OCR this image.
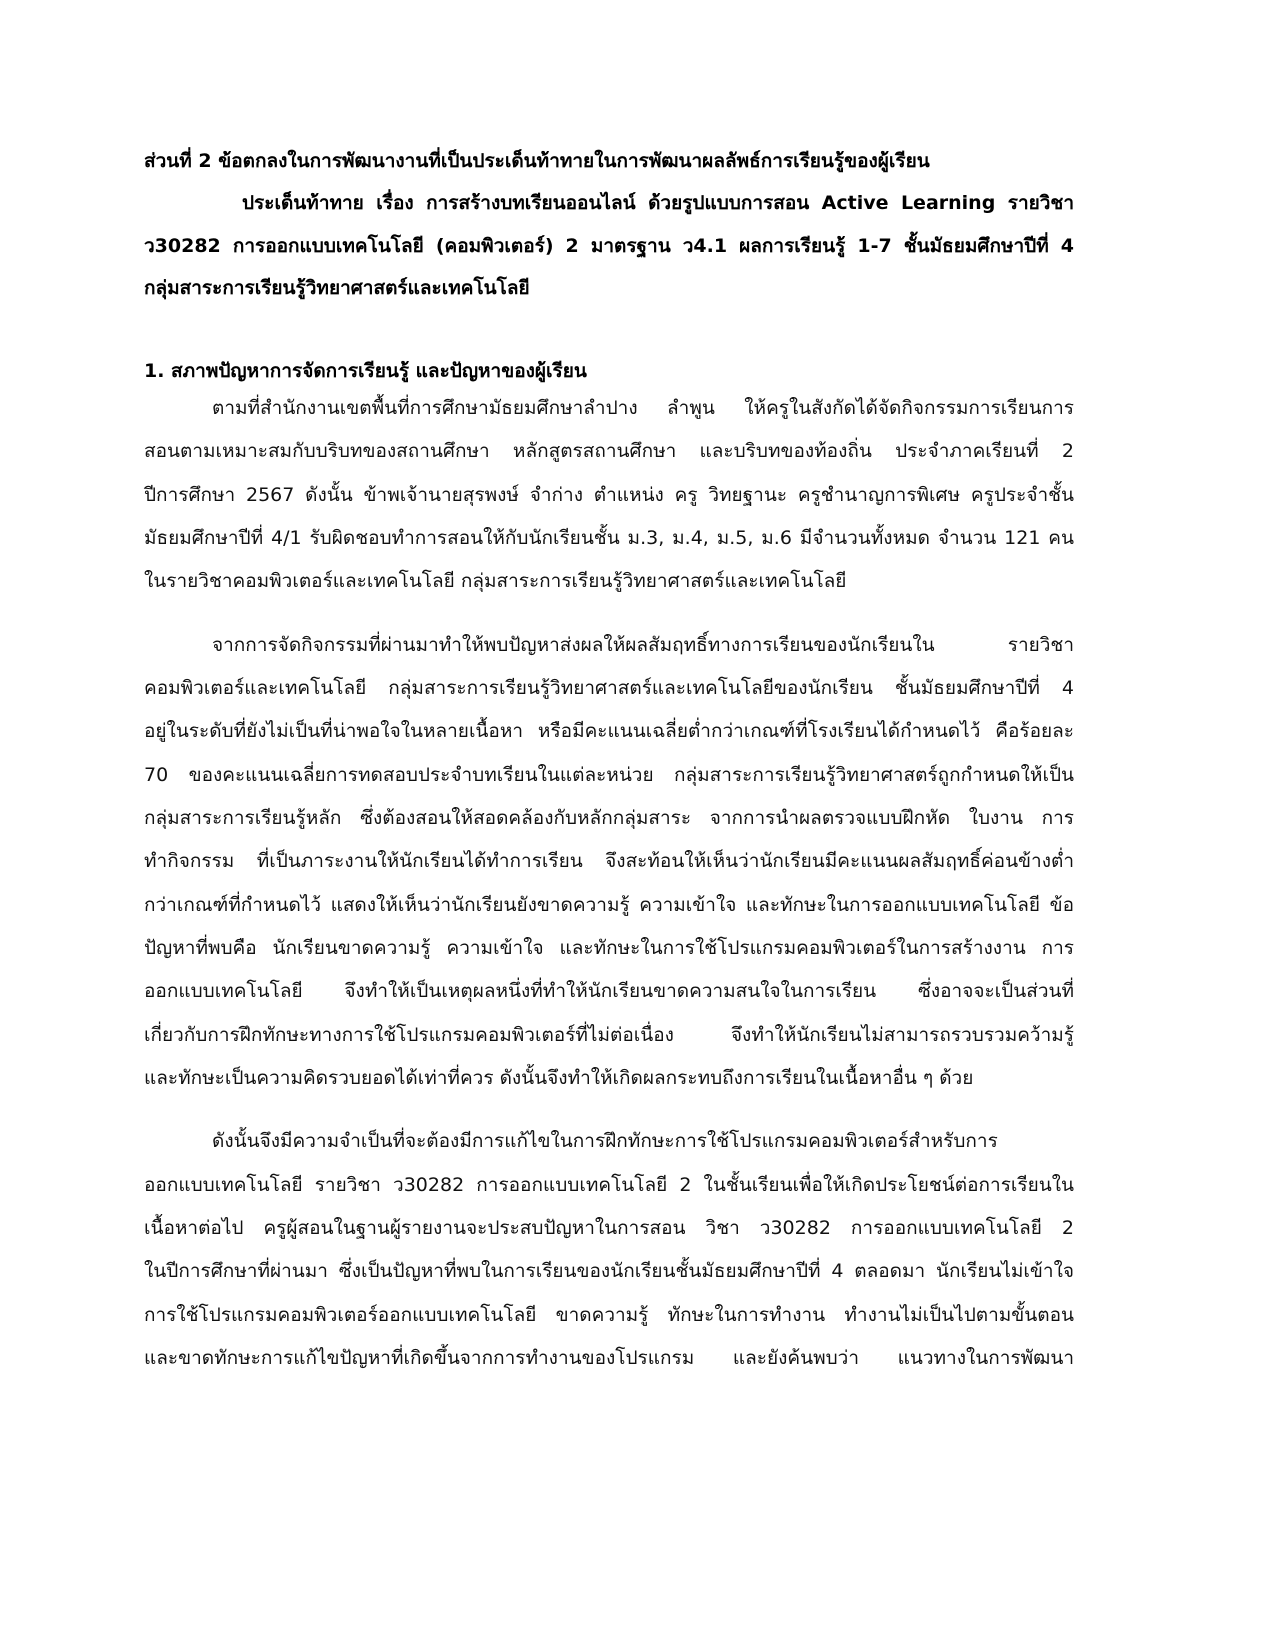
ส่วนที่ 2 ข้อตกลงในการพัฒนางานที่เป็นประเด็นท้าทายในการพัฒนาผลลัพธ์การเรียนรู้ของผู้เรียน
ประเด็นท้าทาย เรื่อง การสร้างบทเรียนออนไลน์ ด้วยรูปแบบการสอน Active Learning รายวิชา
ว30282 การออกแบบเทคโนโลยี (คอมพิวเตอร์) 2 มาตรฐาน ว4.1 ผลการเรียนรู้ 1-7 ชั้นมัธยมศึกษาปีที่ 4
กลุ่มสาระการเรียนรู้วิทยาศาสตร์และเทคโนโลยี
1. สภาพปัญหาการจัดการเรียนรู้ และปัญหาของผู้เรียน
ตามที่สำนักงานเขตพื้นที่การศึกษามัธยมศึกษาลำปาง ลำพูน ให้ครูในสังกัดได้จัดกิจกรรมการเรียนการ
สอนตามเหมาะสมกับบริบทของสถานศึกษา หลักสูตรสถานศึกษา และบริบทของท้องถิ่น ประจำภาคเรียนที่ 2
ปีการศึกษา 2567 ดังนั้น ข้าพเจ้านายสุรพงษ์ จำก่าง ตำแหน่ง ครู วิทยฐานะ ครูชำนาญการพิเศษ ครูประจำชั้น
มัธยมศึกษาปีที่ 4/1 รับผิดชอบทำการสอนให้กับนักเรียนชั้น ม.3, ม.4, ม.5, ม.6 มีจำนวนทั้งหมด จำนวน 121 คน
ในรายวิชาคอมพิวเตอร์และเทคโนโลยี กลุ่มสาระการเรียนรู้วิทยาศาสตร์และเทคโนโลยี
จากการจัดกิจกรรมที่ผ่านมาทำให้พบปัญหาส่งผลให้ผลสัมฤทธิ์ทางการเรียนของนักเรียนใน รายวิชา
คอมพิวเตอร์และเทคโนโลยี กลุ่มสาระการเรียนรู้วิทยาศาสตร์และเทคโนโลยีของนักเรียน ชั้นมัธยมศึกษาปีที่ 4
อยู่ในระดับที่ยังไม่เป็นที่น่าพอใจในหลายเนื้อหา หรือมีคะแนนเฉลี่ยต่ำกว่าเกณฑ์ที่โรงเรียนได้กำหนดไว้ คือร้อยละ
70 ของคะแนนเฉลี่ยการทดสอบประจำบทเรียนในแต่ละหน่วย กลุ่มสาระการเรียนรู้วิทยาศาสตร์ถูกกำหนดให้เป็น
กลุ่มสาระการเรียนรู้หลัก ซึ่งต้องสอนให้สอดคล้องกับหลักกลุ่มสาระ จากการนำผลตรวจแบบฝึกหัด ใบงาน การ
ทำกิจกรรม ที่เป็นภาระงานให้นักเรียนได้ทำการเรียน จึงสะท้อนให้เห็นว่านักเรียนมีคะแนนผลสัมฤทธิ์ค่อนข้างต่ำ
กว่าเกณฑ์ที่กำหนดไว้ แสดงให้เห็นว่านักเรียนยังขาดความรู้ ความเข้าใจ และทักษะในการออกแบบเทคโนโลยี ข้อ
ปัญหาที่พบคือ นักเรียนขาดความรู้ ความเข้าใจ และทักษะในการใช้โปรแกรมคอมพิวเตอร์ในการสร้างงาน การ
ออกแบบเทคโนโลยี จึงทำให้เป็นเหตุผลหนึ่งที่ทำให้นักเรียนขาดความสนใจในการเรียน ซึ่งอาจจะเป็นส่วนที่
เกี่ยวกับการฝึกทักษะทางการใช้โปรแกรมคอมพิวเตอร์ที่ไม่ต่อเนื่อง จึงทำให้นักเรียนไม่สามารถรวบรวมคว้ามรู้
และทักษะเป็นความคิดรวบยอดได้เท่าที่ควร ดังนั้นจึงทำให้เกิดผลกระทบถึงการเรียนในเนื้อหาอื่น ๆ ด้วย
ดังนั้นจึงมีความจำเป็นที่จะต้องมีการแก้ไขในการฝึกทักษะการใช้โปรแกรมคอมพิวเตอร์สำหรับการ
ออกแบบเทคโนโลยี รายวิชา ว30282 การออกแบบเทคโนโลยี 2 ในชั้นเรียนเพื่อให้เกิดประโยชน์ต่อการเรียนใน
เนื้อหาต่อไป ครูผู้สอนในฐานผู้รายงานจะประสบปัญหาในการสอน วิชา ว30282 การออกแบบเทคโนโลยี 2
ในปีการศึกษาที่ผ่านมา ซึ่งเป็นปัญหาที่พบในการเรียนของนักเรียนชั้นมัธยมศึกษาปีที่ 4 ตลอดมา นักเรียนไม่เข้าใจ
การใช้โปรแกรมคอมพิวเตอร์ออกแบบเทคโนโลยี ขาดความรู้ ทักษะในการทำงาน ทำงานไม่เป็นไปตามขั้นตอน
และขาดทักษะการแก้ไขปัญหาที่เกิดขึ้นจากการทำงานของโปรแกรม และยังค้นพบว่า แนวทางในการพัฒนา
